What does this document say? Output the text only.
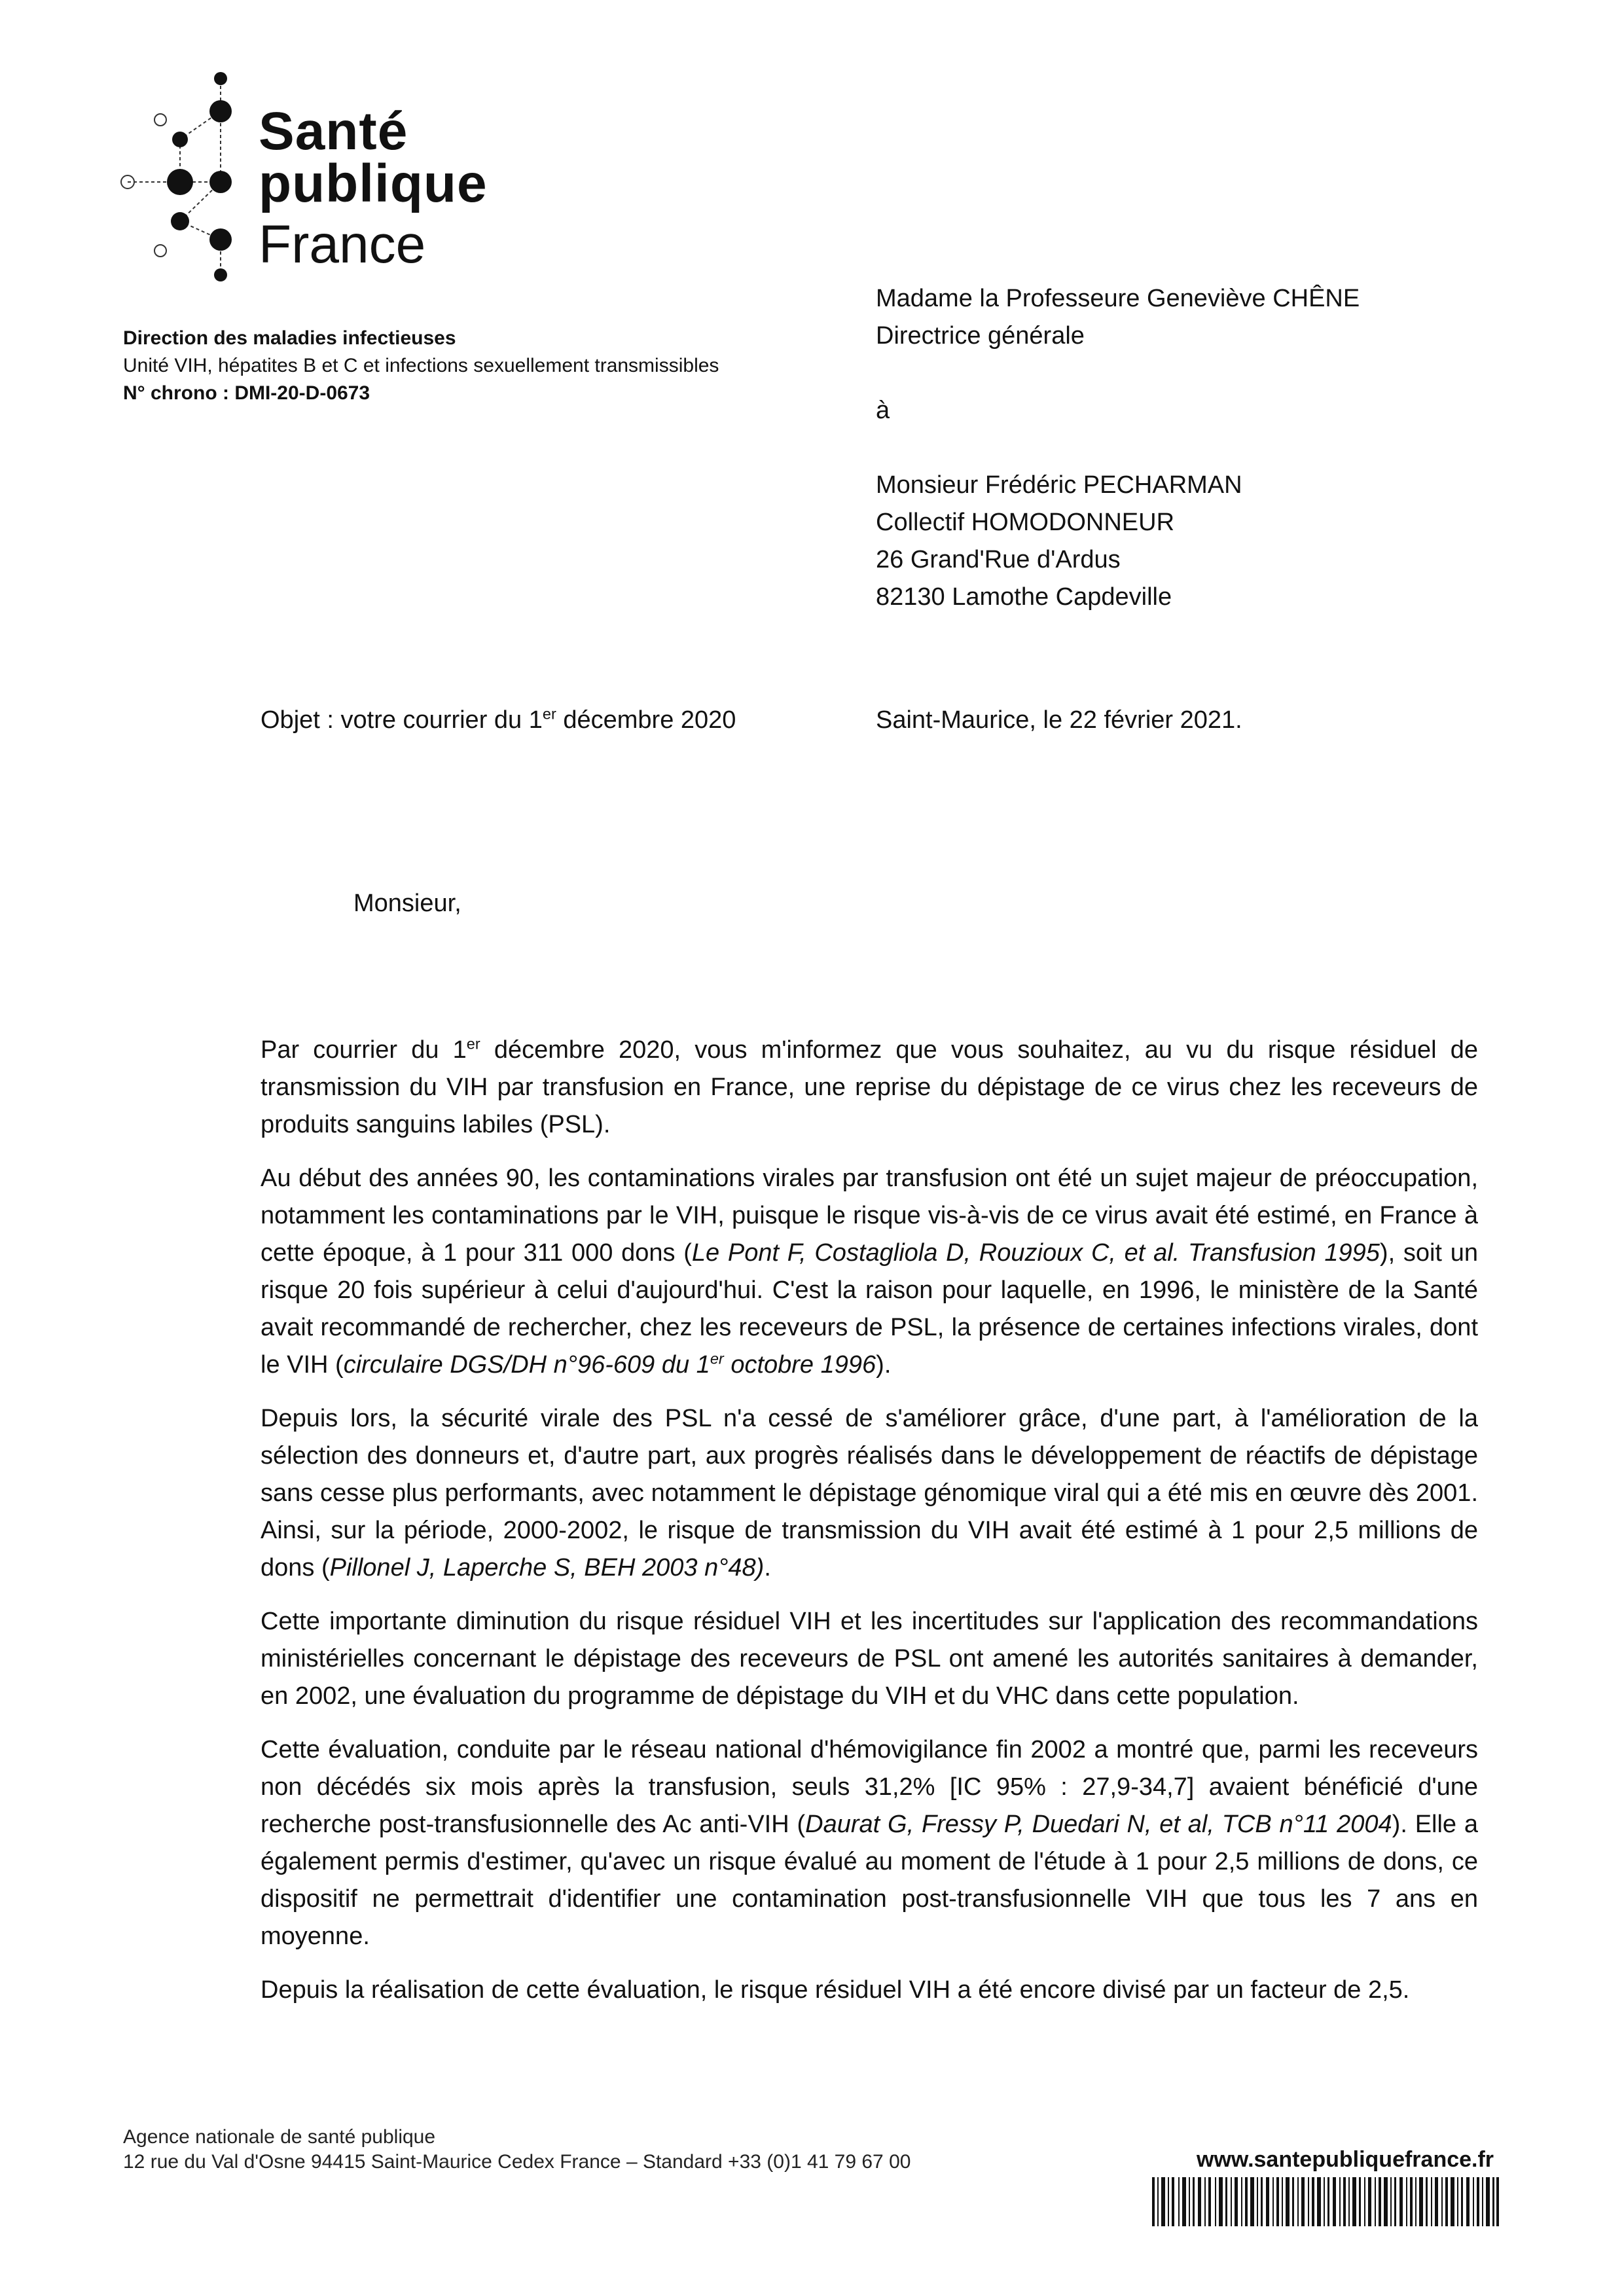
Santé
publique
France
Direction des maladies infectieuses
Unité VIH, hépatites B et C et infections sexuellement transmissibles
N° chrono : DMI-20-D-0673
Madame la Professeure Geneviève CHÊNE
Directrice générale
à
Monsieur Frédéric PECHARMAN
Collectif HOMODONNEUR
26 Grand'Rue d'Ardus
82130 Lamothe Capdeville
Objet : votre courrier du 1er décembre 2020	Saint-Maurice, le 22 février 2021.
Monsieur,

Par courrier du 1er décembre 2020, vous m'informez que vous souhaitez, au vu du risque résiduel de transmission du VIH par transfusion en France, une reprise du dépistage de ce virus chez les receveurs de produits sanguins labiles (PSL).

Au début des années 90, les contaminations virales par transfusion ont été un sujet majeur de préoccupation, notamment les contaminations par le VIH, puisque le risque vis-à-vis de ce virus avait été estimé, en France à cette époque, à 1 pour 311 000 dons (Le Pont F, Costagliola D, Rouzioux C, et al. Transfusion 1995), soit un risque 20 fois supérieur à celui d'aujourd'hui. C'est la raison pour laquelle, en 1996, le ministère de la Santé avait recommandé de rechercher, chez les receveurs de PSL, la présence de certaines infections virales, dont le VIH (circulaire DGS/DH n°96-609 du 1er octobre 1996).

Depuis lors, la sécurité virale des PSL n'a cessé de s'améliorer grâce, d'une part, à l'amélioration de la sélection des donneurs et, d'autre part, aux progrès réalisés dans le développement de réactifs de dépistage sans cesse plus performants, avec notamment le dépistage génomique viral qui a été mis en œuvre dès 2001. Ainsi, sur la période, 2000-2002, le risque de transmission du VIH avait été estimé à 1 pour 2,5 millions de dons (Pillonel J, Laperche S, BEH 2003 n°48).

Cette importante diminution du risque résiduel VIH et les incertitudes sur l'application des recommandations ministérielles concernant le dépistage des receveurs de PSL ont amené les autorités sanitaires à demander, en 2002, une évaluation du programme de dépistage du VIH et du VHC dans cette population.

Cette évaluation, conduite par le réseau national d'hémovigilance fin 2002 a montré que, parmi les receveurs non décédés six mois après la transfusion, seuls 31,2% [IC 95% : 27,9-34,7] avaient bénéficié d'une recherche post-transfusionnelle des Ac anti-VIH (Daurat G, Fressy P, Duedari N, et al, TCB n°11 2004). Elle a également permis d'estimer, qu'avec un risque évalué au moment de l'étude à 1 pour 2,5 millions de dons, ce dispositif ne permettrait d'identifier une contamination post-transfusionnelle VIH que tous les 7 ans en moyenne.

Depuis la réalisation de cette évaluation, le risque résiduel VIH a été encore divisé par un facteur de 2,5.

Agence nationale de santé publique
12 rue du Val d'Osne 94415 Saint-Maurice Cedex France – Standard +33 (0)1 41 79 67 00	www.santepubliquefrance.fr
